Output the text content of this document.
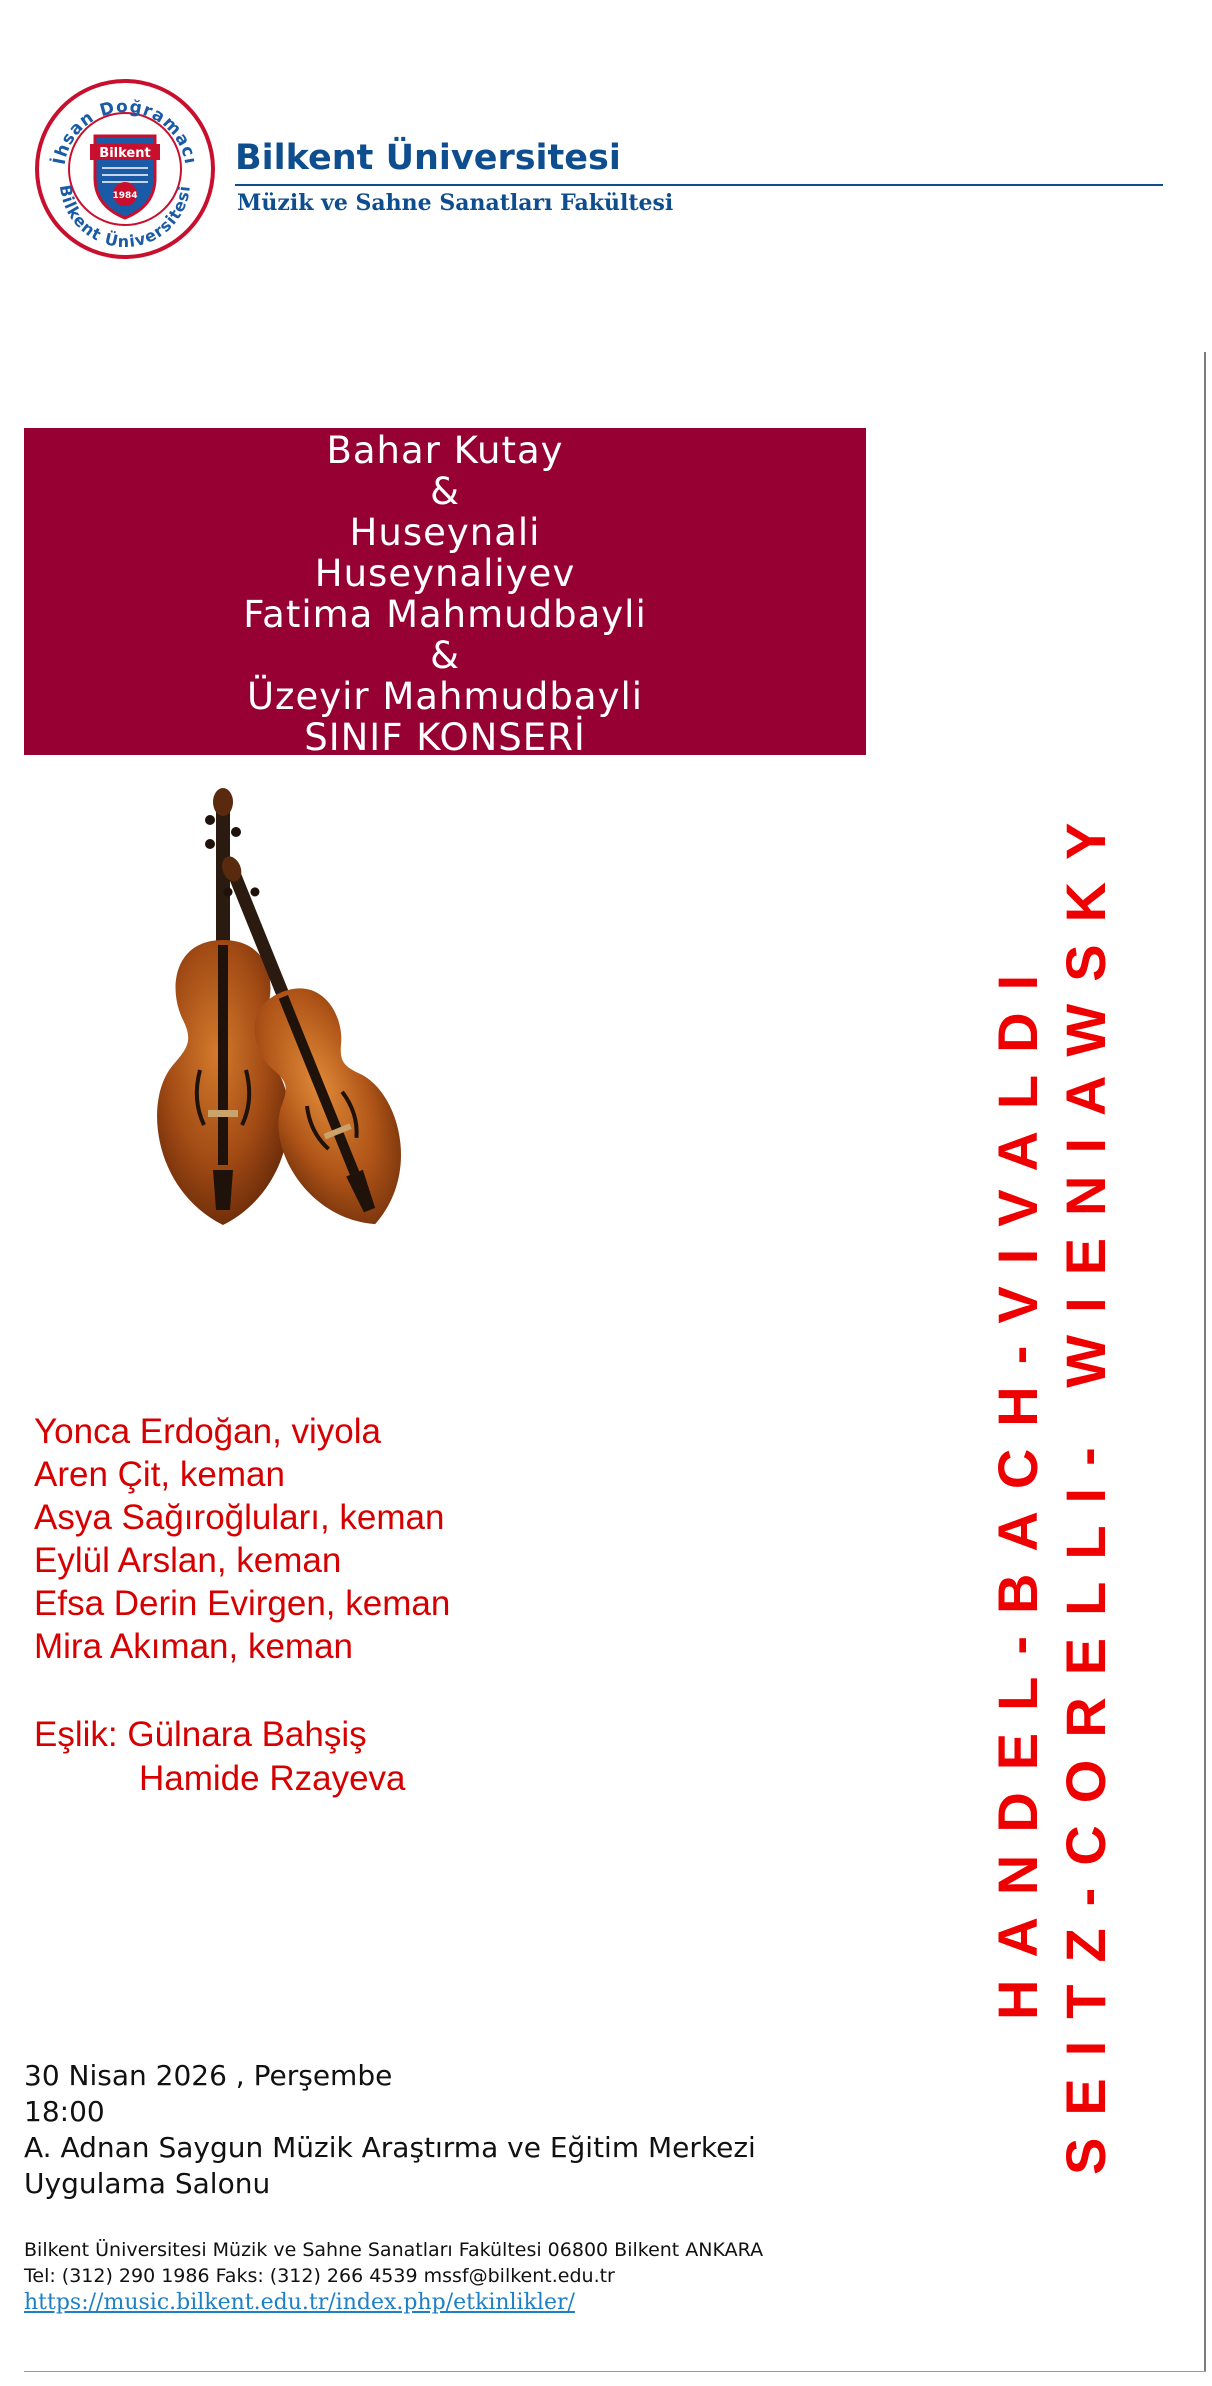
İhsan Doğramacı
Bilkent Üniversitesi
Bilkent
1984
Bilkent Üniversitesi
Müzik ve Sahne Sanatları Fakültesi
Bahar Kutay
&
Huseynali
Huseynaliyev
Fatima Mahmudbayli
&
Üzeyir Mahmudbayli
SINIF KONSERİ
Yonca Erdoğan, viyola
Aren Çit, keman
Asya Sağıroğluları, keman
Eylül Arslan, keman
Efsa Derin Evirgen, keman
Mira Akıman, keman
Eşlik: Gülnara Bahşiş
Hamide Rzayeva	HANDEL-BACH-VIVALDI SEITZ-CORELLI- WIENIAWSKY
30 Nisan 2026 , Perşembe
18:00
A. Adnan Saygun Müzik Araştırma ve Eğitim Merkezi
Uygulama Salonu
Bilkent Üniversitesi Müzik ve Sahne Sanatları Fakültesi 06800 Bilkent ANKARA
Tel: (312) 290 1986 Faks: (312) 266 4539 mssf@bilkent.edu.tr
https://music.bilkent.edu.tr/index.php/etkinlikler/
